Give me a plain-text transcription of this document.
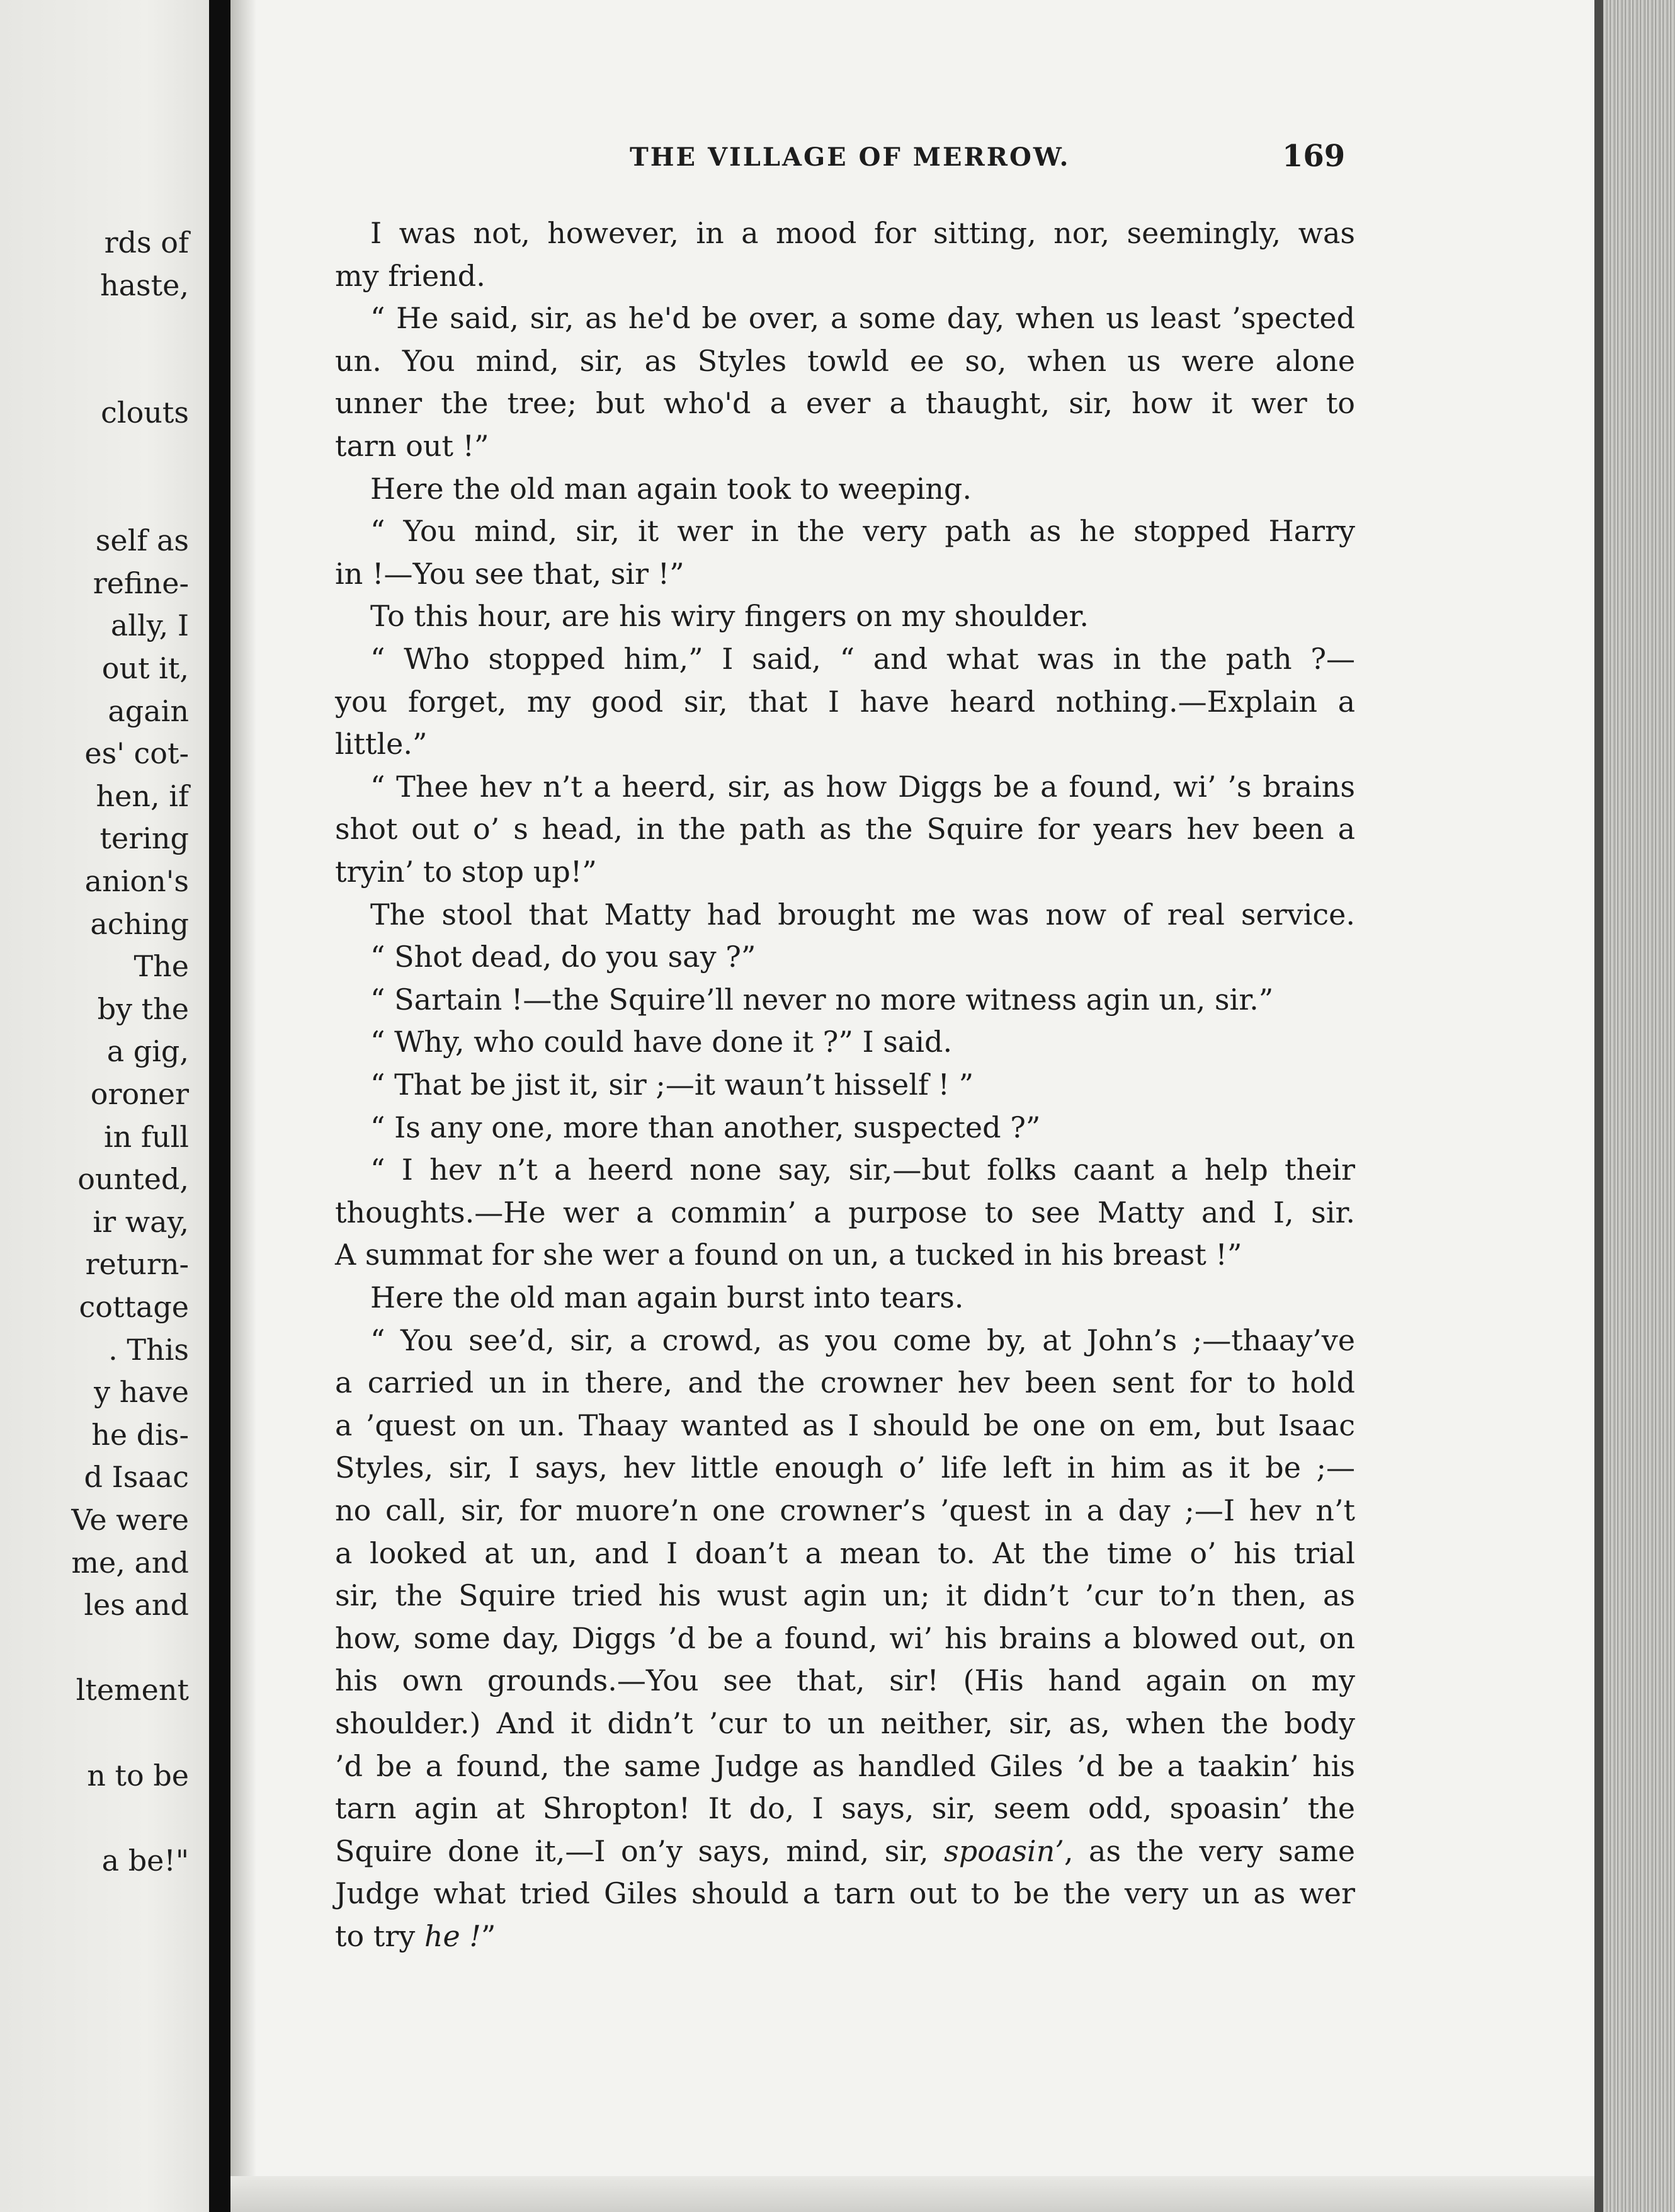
rds of
haste,
clouts
self as
refine-
ally, I
out it,
again
es' cot-
hen, if
tering
anion's
aching
The
by the
a gig,
oroner
in full
ounted,
ir way,
return-
cottage
. This
y have
he dis-
d Isaac
Ve were
me, and
les and
ltement
n to be
a be!"
THE VILLAGE OF MERROW.	169
I was not, however, in a mood for sitting, nor, seemingly, was
my friend.
“ He said, sir, as he'd be over, a some day, when us least ’spected
un. You mind, sir, as Styles towld ee so, when us were alone
unner the tree; but who'd a ever a thaught, sir, how it wer to
tarn out !”
Here the old man again took to weeping.
“ You mind, sir, it wer in the very path as he stopped Harry
in !—You see that, sir !”
To this hour, are his wiry fingers on my shoulder.
“ Who stopped him,” I said, “ and what was in the path ?—
you forget, my good sir, that I have heard nothing.—Explain a
little.”
“ Thee hev n’t a heerd, sir, as how Diggs be a found, wi’ ’s brains
shot out o’ s head, in the path as the Squire for years hev been a
tryin’ to stop up!”
The stool that Matty had brought me was now of real service.
“ Shot dead, do you say ?”
“ Sartain !—the Squire’ll never no more witness agin un, sir.”
“ Why, who could have done it ?” I said.
“ That be jist it, sir ;—it waun’t hisself ! ”
“ Is any one, more than another, suspected ?”
“ I hev n’t a heerd none say, sir,—but folks caant a help their
thoughts.—He wer a commin’ a purpose to see Matty and I, sir.
A summat for she wer a found on un, a tucked in his breast !”
Here the old man again burst into tears.
“ You see’d, sir, a crowd, as you come by, at John’s ;—thaay’ve
a carried un in there, and the crowner hev been sent for to hold
a ’quest on un. Thaay wanted as I should be one on em, but Isaac
Styles, sir, I says, hev little enough o’ life left in him as it be ;—
no call, sir, for muore’n one crowner’s ’quest in a day ;—I hev n’t
a looked at un, and I doan’t a mean to. At the time o’ his trial
sir, the Squire tried his wust agin un; it didn’t ’cur to’n then, as
how, some day, Diggs ’d be a found, wi’ his brains a blowed out, on
his own grounds.—You see that, sir! (His hand again on my
shoulder.) And it didn’t ’cur to un neither, sir, as, when the body
’d be a found, the same Judge as handled Giles ’d be a taakin’ his
tarn agin at Shropton! It do, I says, sir, seem odd, spoasin’ the
Squire done it,—I on’y says, mind, sir, spoasin’, as the very same
Judge what tried Giles should a tarn out to be the very un as wer
to try he !”
